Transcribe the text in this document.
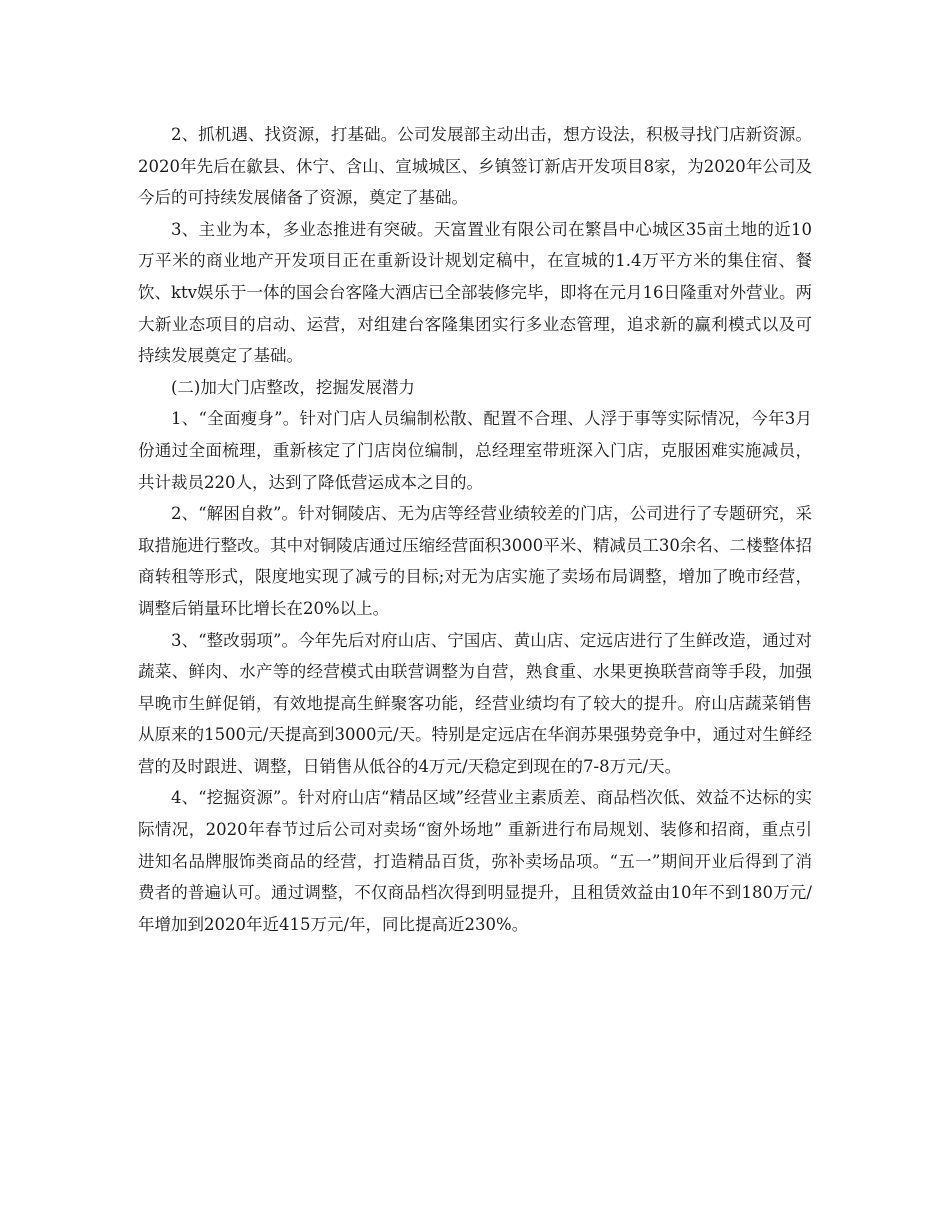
2、抓机遇、找资源，打基础。公司发展部主动出击，想方设法，积极寻找门店新资源。2020年先后在歙县、休宁、含山、宣城城区、乡镇签订新店开发项目8家，为2020年公司及今后的可持续发展储备了资源，奠定了基础。

3、主业为本，多业态推进有突破。天富置业有限公司在繁昌中心城区35亩土地的近10万平米的商业地产开发项目正在重新设计规划定稿中，在宣城的1.4万平方米的集住宿、餐饮、ktv娱乐于一体的国会台客隆大酒店已全部装修完毕，即将在元月16日隆重对外营业。两大新业态项目的启动、运营，对组建台客隆集团实行多业态管理，追求新的赢利模式以及可持续发展奠定了基础。

(二)加大门店整改，挖掘发展潜力

1、“全面瘦身”。针对门店人员编制松散、配置不合理、人浮于事等实际情况，今年3月份通过全面梳理，重新核定了门店岗位编制，总经理室带班深入门店，克服困难实施减员，共计裁员220人，达到了降低营运成本之目的。

2、“解困自救”。针对铜陵店、无为店等经营业绩较差的门店，公司进行了专题研究，采取措施进行整改。其中对铜陵店通过压缩经营面积3000平米、精减员工30余名、二楼整体招商转租等形式，限度地实现了减亏的目标;对无为店实施了卖场布局调整，增加了晚市经营，调整后销量环比增长在20%以上。

3、“整改弱项”。今年先后对府山店、宁国店、黄山店、定远店进行了生鲜改造，通过对蔬菜、鲜肉、水产等的经营模式由联营调整为自营，熟食重、水果更换联营商等手段，加强早晚市生鲜促销，有效地提高生鲜聚客功能，经营业绩均有了较大的提升。府山店蔬菜销售从原来的1500元/天提高到3000元/天。特别是定远店在华润苏果强势竞争中，通过对生鲜经营的及时跟进、调整，日销售从低谷的4万元/天稳定到现在的7-8万元/天。

4、“挖掘资源”。针对府山店“精品区域”经营业主素质差、商品档次低、效益不达标的实际情况，2020年春节过后公司对卖场“窗外场地” 重新进行布局规划、装修和招商，重点引进知名品牌服饰类商品的经营，打造精品百货，弥补卖场品项。“五一”期间开业后得到了消费者的普遍认可。通过调整，不仅商品档次得到明显提升，且租赁效益由10年不到180万元/年增加到2020年近415万元/年，同比提高近230%。
